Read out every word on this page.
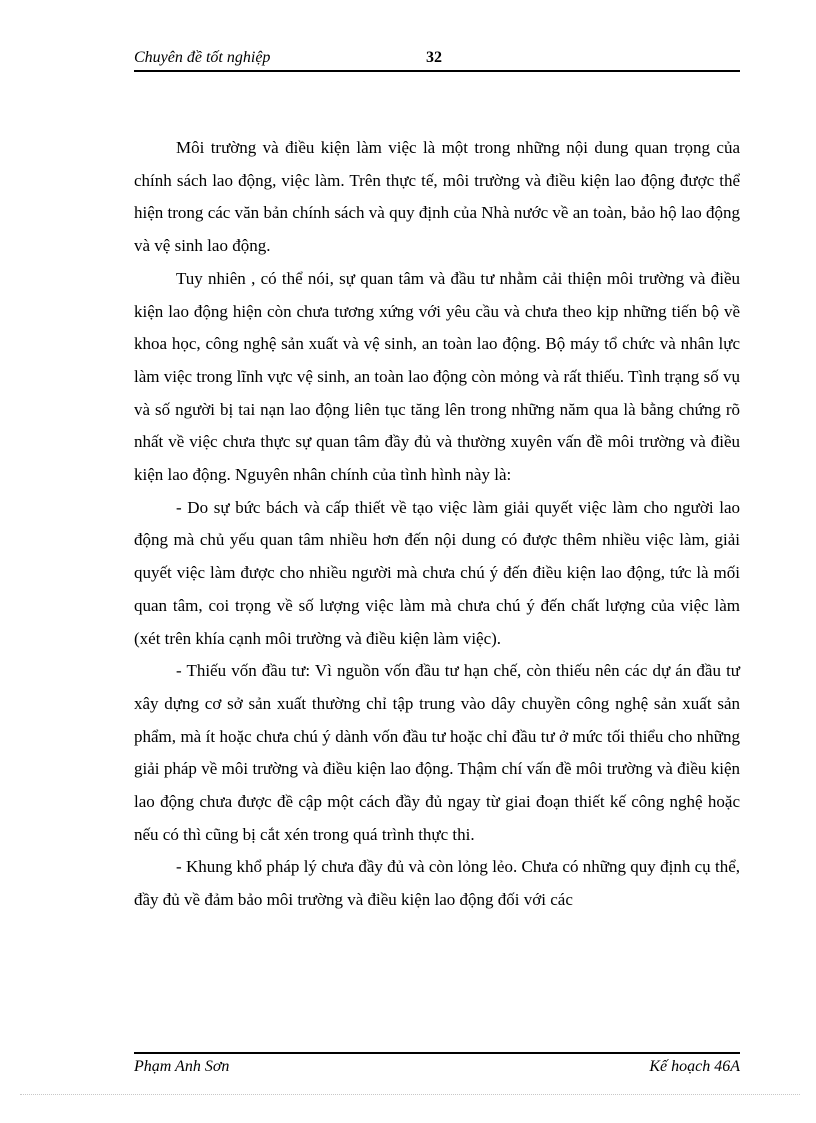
Chuyên đề tốt nghiệp	32

Môi trường và điều kiện làm việc là một trong những nội dung quan trọng của chính sách lao động, việc làm. Trên thực tế, môi trường và điều kiện lao động được thể hiện trong các văn bản chính sách và quy định của Nhà nước về an toàn, bảo hộ lao động và vệ sinh lao động.

Tuy nhiên , có thể nói, sự quan tâm và đầu tư nhằm cải thiện môi trường và điều kiện lao động hiện còn chưa tương xứng với yêu cầu và chưa theo kịp những tiến bộ về khoa học, công nghệ sản xuất và vệ sinh, an toàn lao động. Bộ máy tổ chức và nhân lực làm việc trong lĩnh vực vệ sinh, an toàn lao động còn mỏng và rất thiếu. Tình trạng số vụ và số người bị tai nạn lao động liên tục tăng lên trong những năm qua là bằng chứng rõ nhất về việc chưa thực sự quan tâm đầy đủ và thường xuyên vấn đề môi trường và điều kiện lao động. Nguyên nhân chính của tình hình này là:

- Do sự bức bách và cấp thiết về tạo việc làm giải quyết việc làm cho người lao động mà chủ yếu quan tâm nhiều hơn đến nội dung có được thêm nhiều việc làm, giải quyết việc làm được cho nhiều người mà chưa chú ý đến điều kiện lao động, tức là mối quan tâm, coi trọng về số lượng việc làm mà chưa chú ý đến chất lượng của việc làm (xét trên khía cạnh môi trường và điều kiện làm việc).

- Thiếu vốn đầu tư: Vì nguồn vốn đầu tư hạn chế, còn thiếu nên các dự án đầu tư xây dựng cơ sở sản xuất thường chỉ tập trung vào dây chuyền công nghệ sản xuất sản phẩm, mà ít hoặc chưa chú ý dành vốn đầu tư hoặc chỉ đầu tư ở mức tối thiểu cho những giải pháp về môi trường và điều kiện lao động. Thậm chí vấn đề môi trường và điều kiện lao động chưa được đề cập một cách đầy đủ ngay từ giai đoạn thiết kế công nghệ hoặc nếu có thì cũng bị cắt xén trong quá trình thực thi.

- Khung khổ pháp lý chưa đầy đủ và còn lỏng lẻo. Chưa có những quy định cụ thể, đầy đủ về đảm bảo môi trường và điều kiện lao động đối với các

Phạm Anh Sơn	Kế hoạch 46A
